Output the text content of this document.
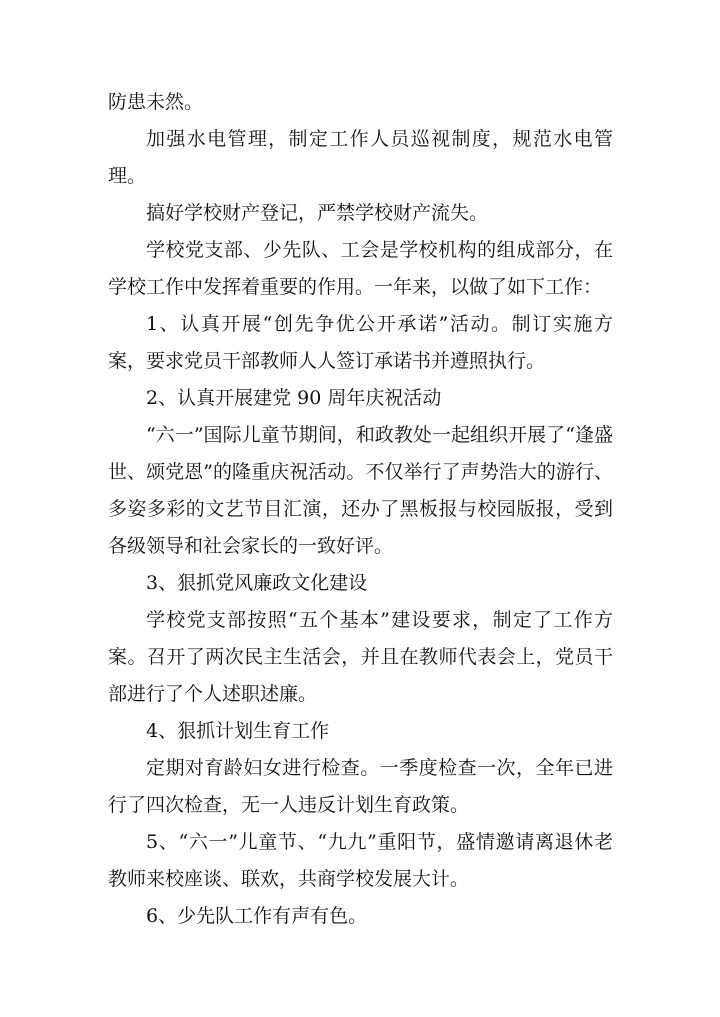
防患未然。

加强水电管理，制定工作人员巡视制度，规范水电管理。

搞好学校财产登记，严禁学校财产流失。

学校党支部、少先队、工会是学校机构的组成部分，在学校工作中发挥着重要的作用。一年来，以做了如下工作：

1、认真开展“创先争优公开承诺”活动。制订实施方案，要求党员干部教师人人签订承诺书并遵照执行。

2、认真开展建党 90 周年庆祝活动

“六一”国际儿童节期间，和政教处一起组织开展了“逢盛世、颂党恩”的隆重庆祝活动。不仅举行了声势浩大的游行、多姿多彩的文艺节目汇演，还办了黑板报与校园版报，受到各级领导和社会家长的一致好评。

3、狠抓党风廉政文化建设

学校党支部按照“五个基本”建设要求，制定了工作方案。召开了两次民主生活会，并且在教师代表会上，党员干部进行了个人述职述廉。

4、狠抓计划生育工作

定期对育龄妇女进行检查。一季度检查一次，全年已进行了四次检查，无一人违反计划生育政策。

5、“六一”儿童节、“九九”重阳节，盛情邀请离退休老教师来校座谈、联欢，共商学校发展大计。

6、少先队工作有声有色。
